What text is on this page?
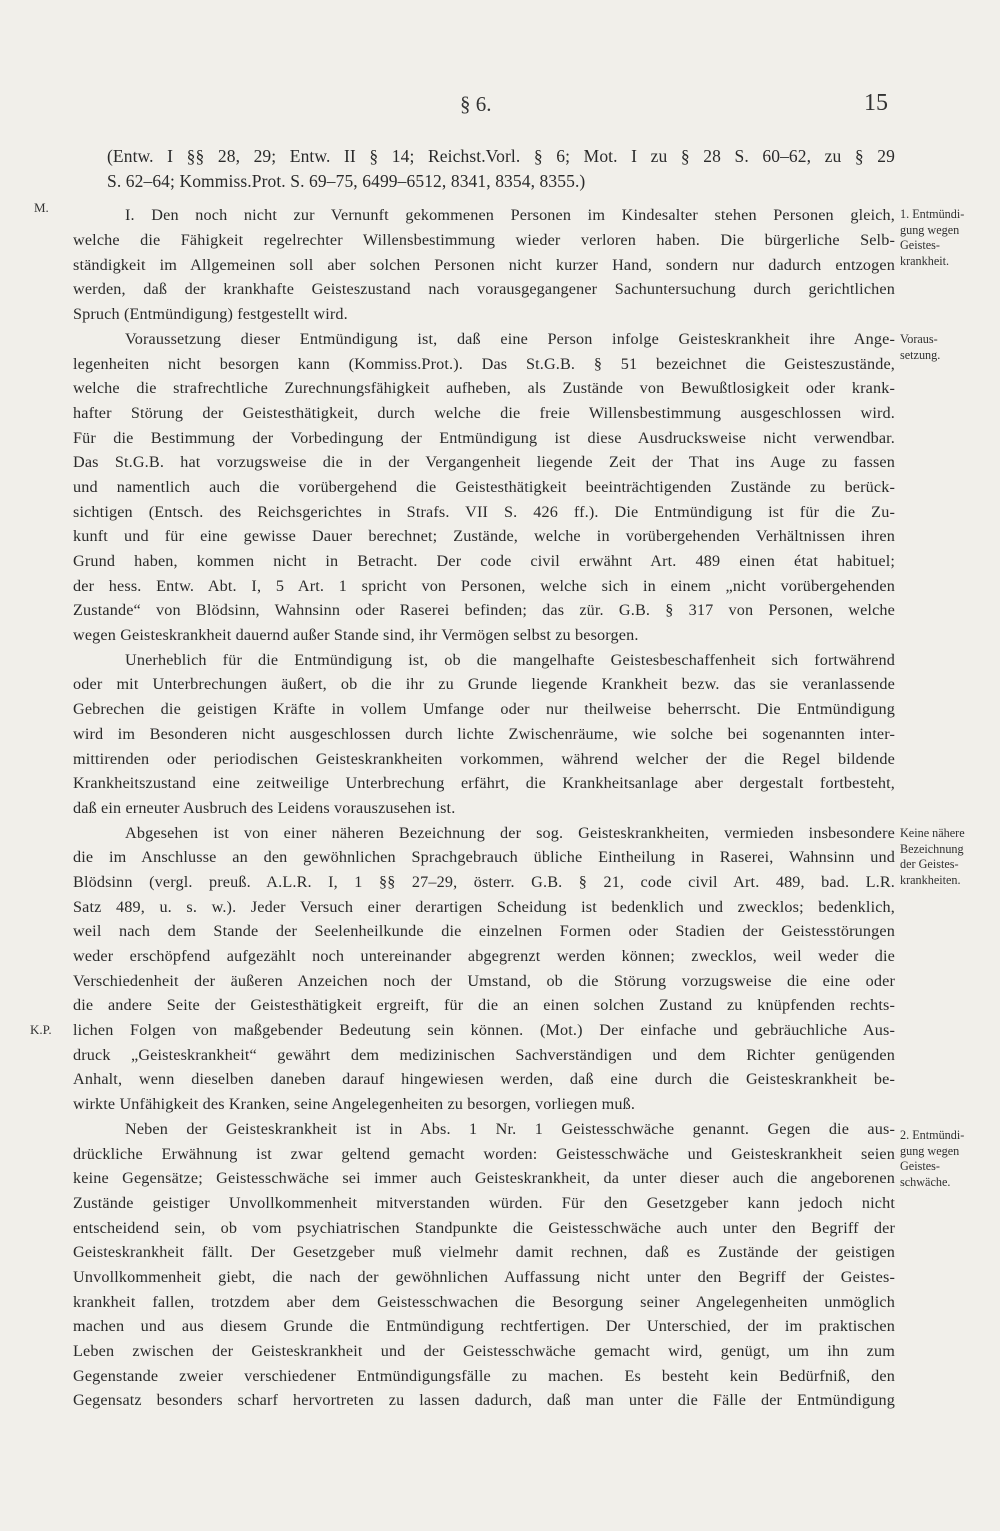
§ 6.	15
M.
K.P.
(Entw. I §§ 28, 29; Entw. II § 14; Reichst.Vorl. § 6; Mot. I zu § 28 S. 60–62, zu § 29
S. 62–64; Kommiss.Prot. S. 69–75, 6499–6512, 8341, 8354, 8355.)
I. Den noch nicht zur Vernunft gekommenen Personen im Kindesalter stehen Personen gleich,
welche die Fähigkeit regelrechter Willensbestimmung wieder verloren haben. Die bürgerliche Selb-
ständigkeit im Allgemeinen soll aber solchen Personen nicht kurzer Hand, sondern nur dadurch entzogen
werden, daß der krankhafte Geisteszustand nach vorausgegangener Sachuntersuchung durch gerichtlichen
Spruch (Entmündigung) festgestellt wird.
Voraussetzung dieser Entmündigung ist, daß eine Person infolge Geisteskrankheit ihre Ange-
legenheiten nicht besorgen kann (Kommiss.Prot.). Das St.G.B. § 51 bezeichnet die Geisteszustände,
welche die strafrechtliche Zurechnungsfähigkeit aufheben, als Zustände von Bewußtlosigkeit oder krank-
hafter Störung der Geistesthätigkeit, durch welche die freie Willensbestimmung ausgeschlossen wird.
Für die Bestimmung der Vorbedingung der Entmündigung ist diese Ausdrucksweise nicht verwendbar.
Das St.G.B. hat vorzugsweise die in der Vergangenheit liegende Zeit der That ins Auge zu fassen
und namentlich auch die vorübergehend die Geistesthätigkeit beeinträchtigenden Zustände zu berück-
sichtigen (Entsch. des Reichsgerichtes in Strafs. VII S. 426 ff.). Die Entmündigung ist für die Zu-
kunft und für eine gewisse Dauer berechnet; Zustände, welche in vorübergehenden Verhältnissen ihren
Grund haben, kommen nicht in Betracht. Der code civil erwähnt Art. 489 einen état habituel;
der hess. Entw. Abt. I, 5 Art. 1 spricht von Personen, welche sich in einem „nicht vorübergehenden
Zustande“ von Blödsinn, Wahnsinn oder Raserei befinden; das zür. G.B. § 317 von Personen, welche
wegen Geisteskrankheit dauernd außer Stande sind, ihr Vermögen selbst zu besorgen.
Unerheblich für die Entmündigung ist, ob die mangelhafte Geistesbeschaffenheit sich fortwährend
oder mit Unterbrechungen äußert, ob die ihr zu Grunde liegende Krankheit bezw. das sie veranlassende
Gebrechen die geistigen Kräfte in vollem Umfange oder nur theilweise beherrscht. Die Entmündigung
wird im Besonderen nicht ausgeschlossen durch lichte Zwischenräume, wie solche bei sogenannten inter-
mittirenden oder periodischen Geisteskrankheiten vorkommen, während welcher der die Regel bildende
Krankheitszustand eine zeitweilige Unterbrechung erfährt, die Krankheitsanlage aber dergestalt fortbesteht,
daß ein erneuter Ausbruch des Leidens vorauszusehen ist.
Abgesehen ist von einer näheren Bezeichnung der sog. Geisteskrankheiten, vermieden insbesondere
die im Anschlusse an den gewöhnlichen Sprachgebrauch übliche Eintheilung in Raserei, Wahnsinn und
Blödsinn (vergl. preuß. A.L.R. I, 1 §§ 27–29, österr. G.B. § 21, code civil Art. 489, bad. L.R.
Satz 489, u. s. w.). Jeder Versuch einer derartigen Scheidung ist bedenklich und zwecklos; bedenklich,
weil nach dem Stande der Seelenheilkunde die einzelnen Formen oder Stadien der Geistesstörungen
weder erschöpfend aufgezählt noch untereinander abgegrenzt werden können; zwecklos, weil weder die
Verschiedenheit der äußeren Anzeichen noch der Umstand, ob die Störung vorzugsweise die eine oder
die andere Seite der Geistesthätigkeit ergreift, für die an einen solchen Zustand zu knüpfenden rechts-
lichen Folgen von maßgebender Bedeutung sein können. (Mot.) Der einfache und gebräuchliche Aus-
druck „Geisteskrankheit“ gewährt dem medizinischen Sachverständigen und dem Richter genügenden
Anhalt, wenn dieselben daneben darauf hingewiesen werden, daß eine durch die Geisteskrankheit be-
wirkte Unfähigkeit des Kranken, seine Angelegenheiten zu besorgen, vorliegen muß.
Neben der Geisteskrankheit ist in Abs. 1 Nr. 1 Geistesschwäche genannt. Gegen die aus-
drückliche Erwähnung ist zwar geltend gemacht worden: Geistesschwäche und Geisteskrankheit seien
keine Gegensätze; Geistesschwäche sei immer auch Geisteskrankheit, da unter dieser auch die angeborenen
Zustände geistiger Unvollkommenheit mitverstanden würden. Für den Gesetzgeber kann jedoch nicht
entscheidend sein, ob vom psychiatrischen Standpunkte die Geistesschwäche auch unter den Begriff der
Geisteskrankheit fällt. Der Gesetzgeber muß vielmehr damit rechnen, daß es Zustände der geistigen
Unvollkommenheit giebt, die nach der gewöhnlichen Auffassung nicht unter den Begriff der Geistes-
krankheit fallen, trotzdem aber dem Geistesschwachen die Besorgung seiner Angelegenheiten unmöglich
machen und aus diesem Grunde die Entmündigung rechtfertigen. Der Unterschied, der im praktischen
Leben zwischen der Geisteskrankheit und der Geistesschwäche gemacht wird, genügt, um ihn zum
Gegenstande zweier verschiedener Entmündigungsfälle zu machen. Es besteht kein Bedürfniß, den
Gegensatz besonders scharf hervortreten zu lassen dadurch, daß man unter die Fälle der Entmündigung
1. Entmündi-
gung wegen
Geistes-
krankheit.
Voraus-
setzung.
Keine nähere
Bezeichnung
der Geistes-
krankheiten.
2. Entmündi-
gung wegen
Geistes-
schwäche.
